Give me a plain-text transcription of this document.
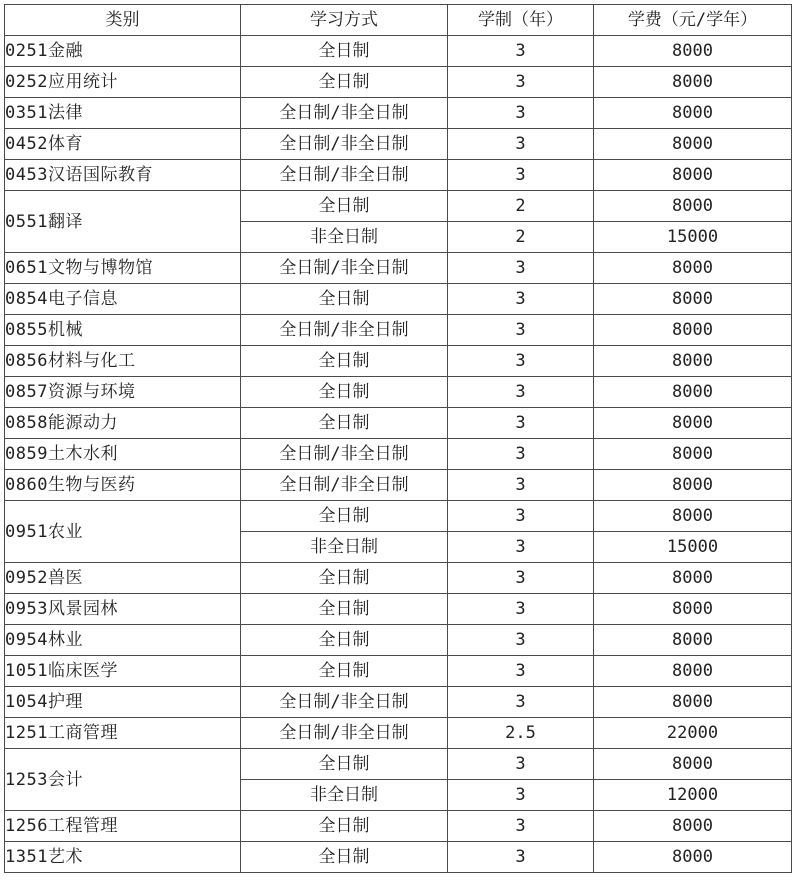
类别	学习方式	学制（年）	学费（元/学年）
0251金融	全日制	3	8000
0252应用统计	全日制	3	8000
0351法律	全日制/非全日制	3	8000
0452体育	全日制/非全日制	3	8000
0453汉语国际教育	全日制/非全日制	3	8000
0551翻译	全日制	2	8000
	非全日制	2	15000
0651文物与博物馆	全日制/非全日制	3	8000
0854电子信息	全日制	3	8000
0855机械	全日制/非全日制	3	8000
0856材料与化工	全日制	3	8000
0857资源与环境	全日制	3	8000
0858能源动力	全日制	3	8000
0859土木水利	全日制/非全日制	3	8000
0860生物与医药	全日制/非全日制	3	8000
0951农业	全日制	3	8000
	非全日制	3	15000
0952兽医	全日制	3	8000
0953风景园林	全日制	3	8000
0954林业	全日制	3	8000
1051临床医学	全日制	3	8000
1054护理	全日制/非全日制	3	8000
1251工商管理	全日制/非全日制	2.5	22000
1253会计	全日制	3	8000
	非全日制	3	12000
1256工程管理	全日制	3	8000
1351艺术	全日制	3	8000
